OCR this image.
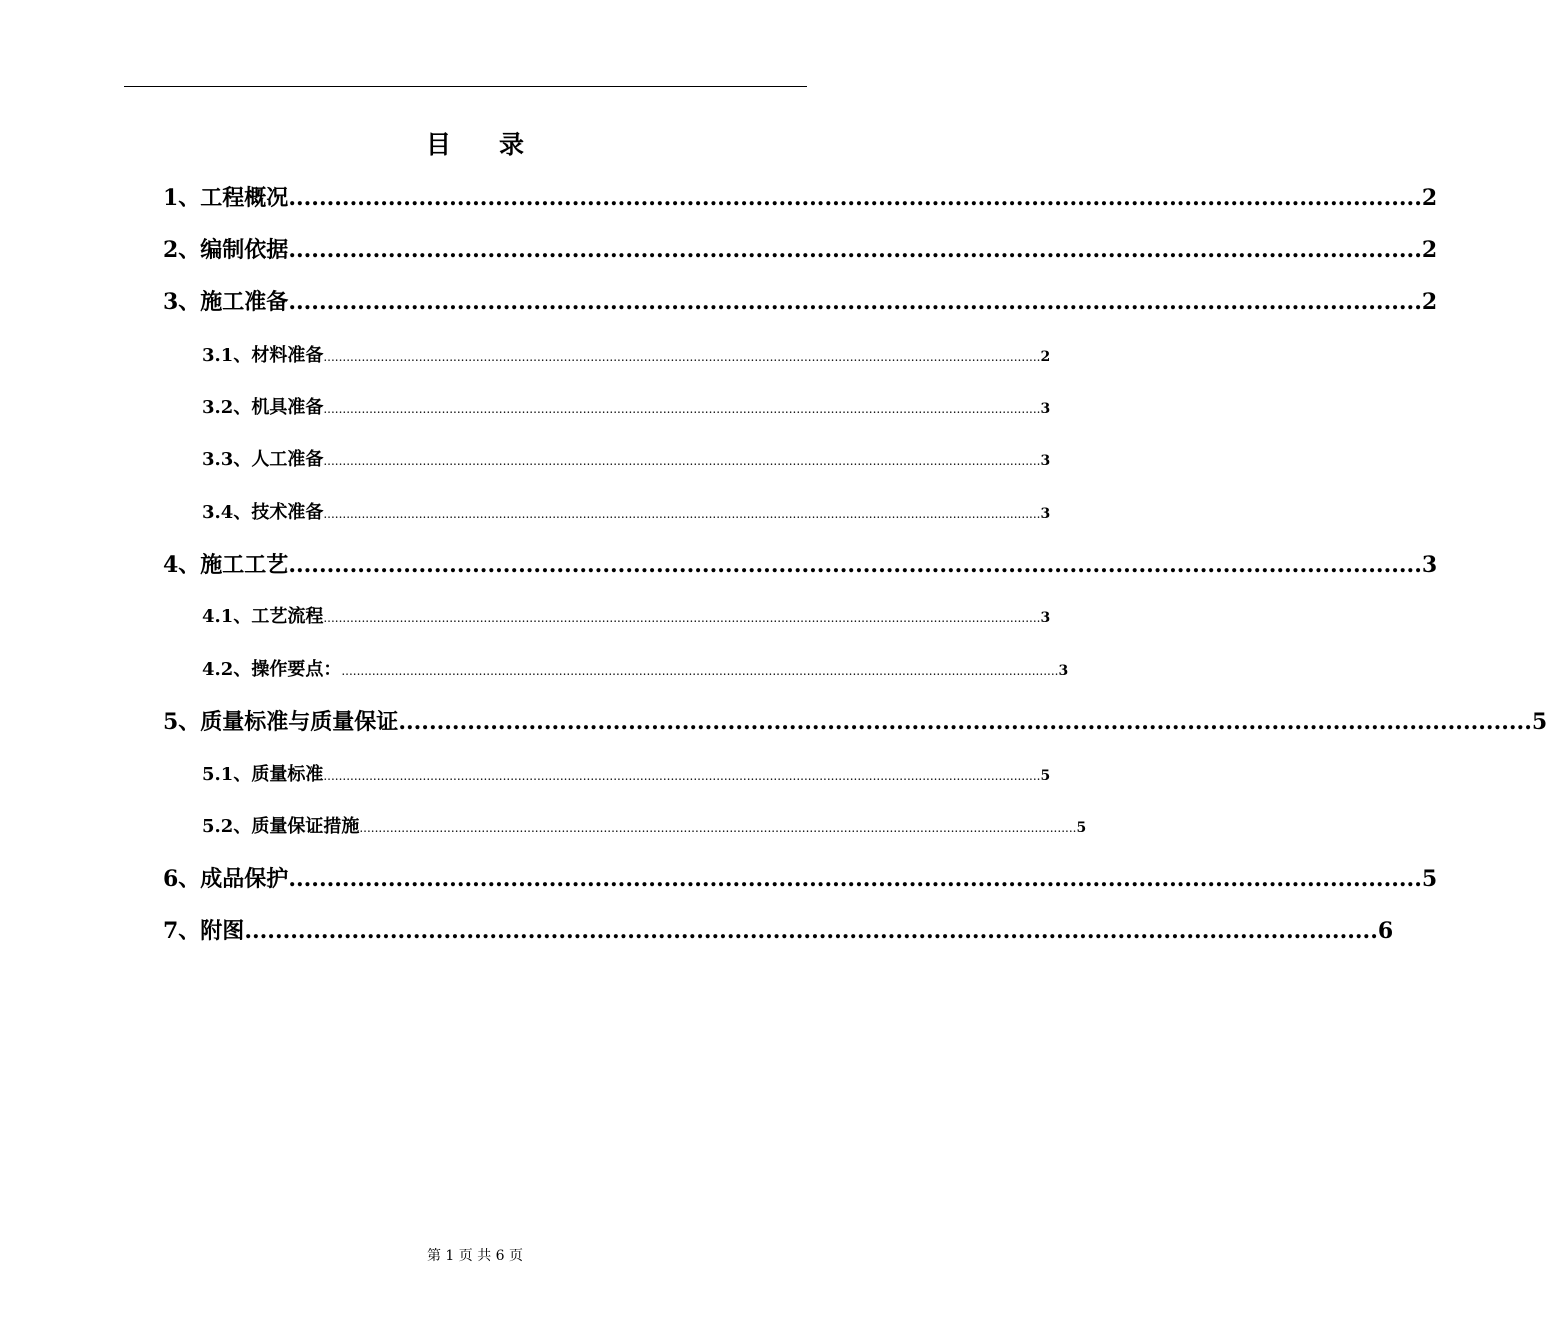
目 录
1、工程概况 .................................................................................................................................................... 2
2、编制依据 .................................................................................................................................................... 2
3、施工准备 .................................................................................................................................................... 2
3.1、材料准备 ............................................................................................................................................................................................ 2
3.2、机具准备 ............................................................................................................................................................................................ 3
3.3、人工准备 ............................................................................................................................................................................................ 3
3.4、技术准备 ............................................................................................................................................................................................ 3
4、施工工艺 .................................................................................................................................................... 3
4.1、工艺流程 ............................................................................................................................................................................................ 3
4.2、操作要点： ............................................................................................................................................................................................ 3
5、质量标准与质量保证 .................................................................................................................................................... 5
5.1、质量标准 ............................................................................................................................................................................................ 5
5.2、质量保证措施 ............................................................................................................................................................................................ 5
6、成品保护 .................................................................................................................................................... 5
7、附图 .................................................................................................................................................... 6
第 1 页 共 6 页
